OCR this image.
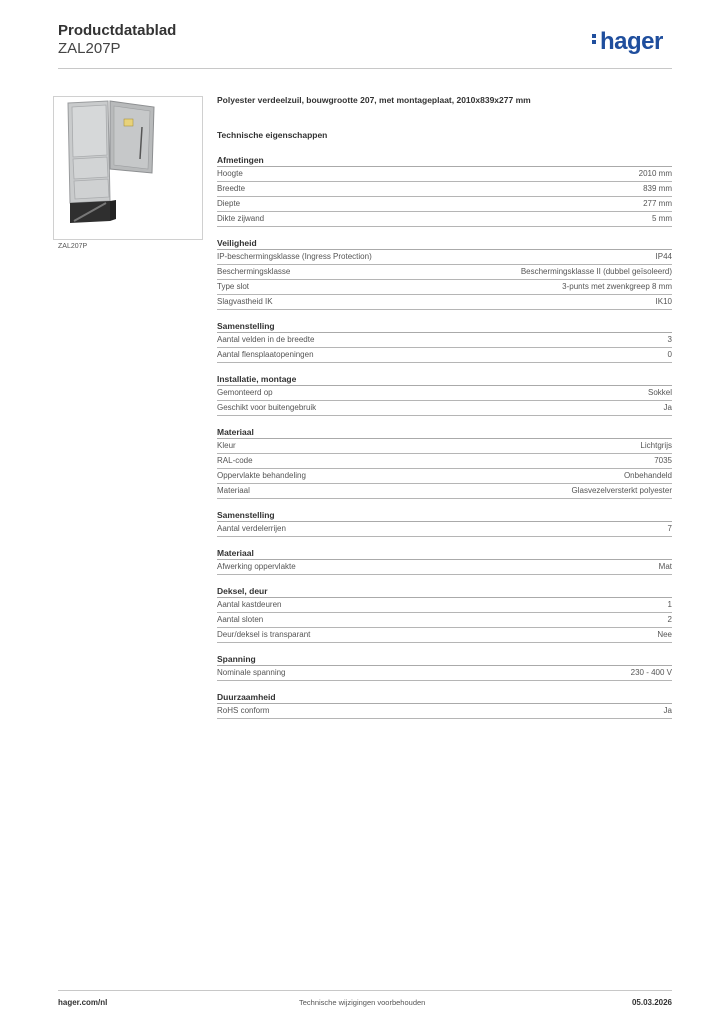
Productdatablad
ZAL207P	hager
ZAL207P
Polyester verdeelzuil, bouwgrootte 207, met montageplaat, 2010x839x277 mm
Technische eigenschappen
Afmetingen
Hoogte	2010 mm
Breedte	839 mm
Diepte	277 mm
Dikte zijwand	5 mm
Veiligheid
IP-beschermingsklasse (Ingress Protection)	IP44
Beschermingsklasse	Beschermingsklasse II (dubbel geïsoleerd)
Type slot	3-punts met zwenkgreep 8 mm
Slagvastheid IK	IK10
Samenstelling
Aantal velden in de breedte	3
Aantal flensplaatopeningen	0
Installatie, montage
Gemonteerd op	Sokkel
Geschikt voor buitengebruik	Ja
Materiaal
Kleur	Lichtgrijs
RAL-code	7035
Oppervlakte behandeling	Onbehandeld
Materiaal	Glasvezelversterkt polyester
Samenstelling
Aantal verdelerrijen	7
Materiaal
Afwerking oppervlakte	Mat
Deksel, deur
Aantal kastdeuren	1
Aantal sloten	2
Deur/deksel is transparant	Nee
Spanning
Nominale spanning	230 - 400 V
Duurzaamheid
RoHS conform	Ja
hager.com/nl	Technische wijzigingen voorbehouden	05.03.2026
